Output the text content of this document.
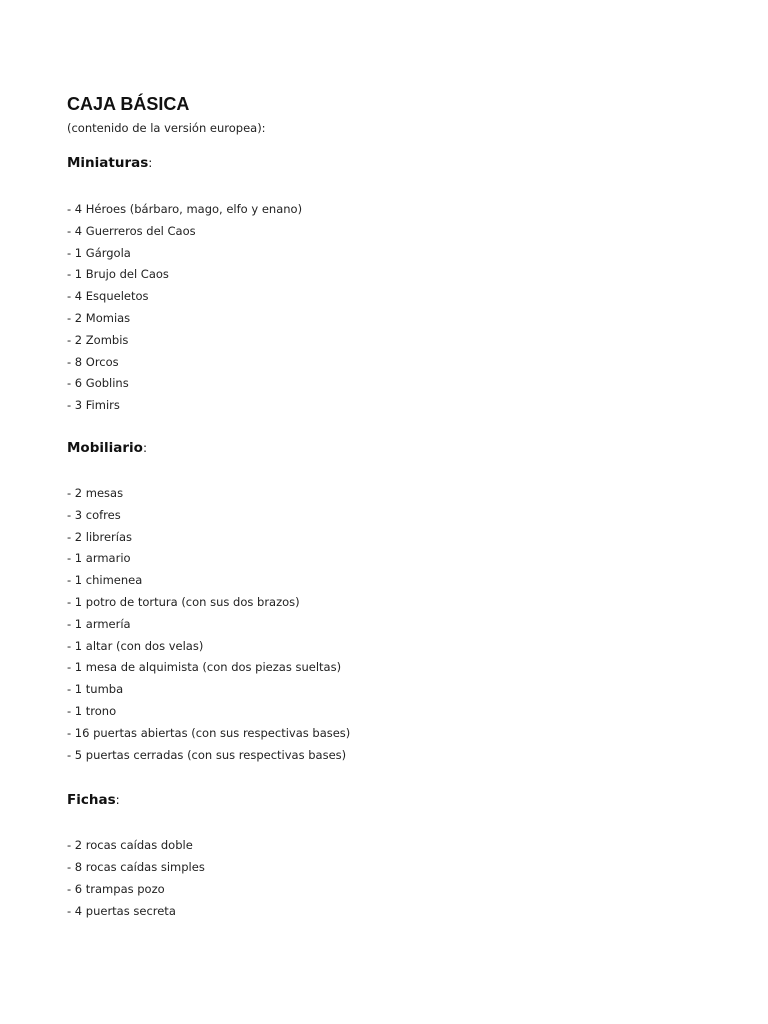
CAJA BÁSICA

(contenido de la versión europea):

Miniaturas:
- 4 Héroes (bárbaro, mago, elfo y enano)
- 4 Guerreros del Caos
- 1 Gárgola
- 1 Brujo del Caos
- 4 Esqueletos
- 2 Momias
- 2 Zombis
- 8 Orcos
- 6 Goblins
- 3 Fimirs
Mobiliario:
- 2 mesas
- 3 cofres
- 2 librerías
- 1 armario
- 1 chimenea
- 1 potro de tortura (con sus dos brazos)
- 1 armería
- 1 altar (con dos velas)
- 1 mesa de alquimista (con dos piezas sueltas)
- 1 tumba
- 1 trono
- 16 puertas abiertas (con sus respectivas bases)
- 5 puertas cerradas (con sus respectivas bases)
Fichas:
- 2 rocas caídas doble
- 8 rocas caídas simples
- 6 trampas pozo
- 4 puertas secreta
